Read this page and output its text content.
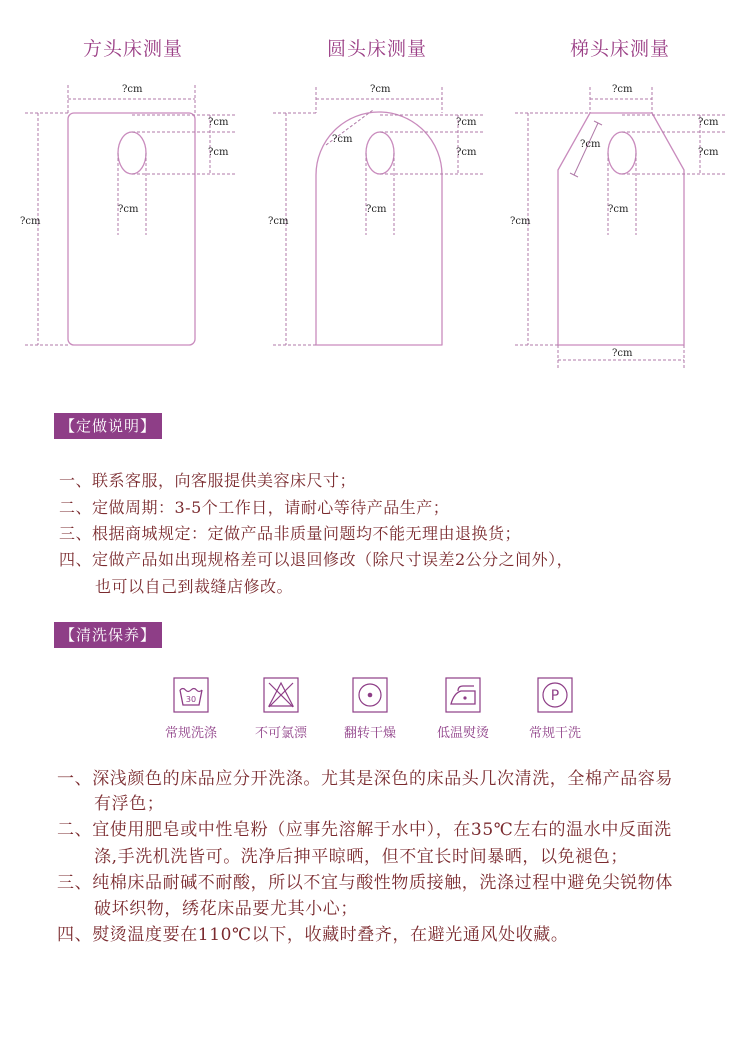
方头床测量	圆头床测量	梯头床测量
?cm
?cm
?cm
?cm
?cm
?cm
?cm
?cm
?cm
?cm
?cm
?cm
?cm
?cm
?cm
?cm
?cm
?cm
【定做说明】
一、联系客服，向客服提供美容床尺寸；
二、定做周期：3-5个工作日，请耐心等待产品生产；
三、根据商城规定：定做产品非质量问题均不能无理由退换货；
四、定做产品如出现规格差可以退回修改（除尺寸误差2公分之间外），
也可以自己到裁缝店修改。
【清洗保养】
30	P
常规洗涤	不可氯漂	翻转干燥	低温熨烫	常规干洗
一、深浅颜色的床品应分开洗涤。尤其是深色的床品头几次清洗，全棉产品容易
有浮色；
二、宜使用肥皂或中性皂粉（应事先溶解于水中），在35℃左右的温水中反面洗
涤,手洗机洗皆可。洗净后抻平晾晒，但不宜长时间暴晒，以免褪色；
三、纯棉床品耐碱不耐酸，所以不宜与酸性物质接触，洗涤过程中避免尖锐物体
破坏织物，绣花床品要尤其小心；
四、熨烫温度要在110℃以下，收藏时叠齐，在避光通风处收藏。
